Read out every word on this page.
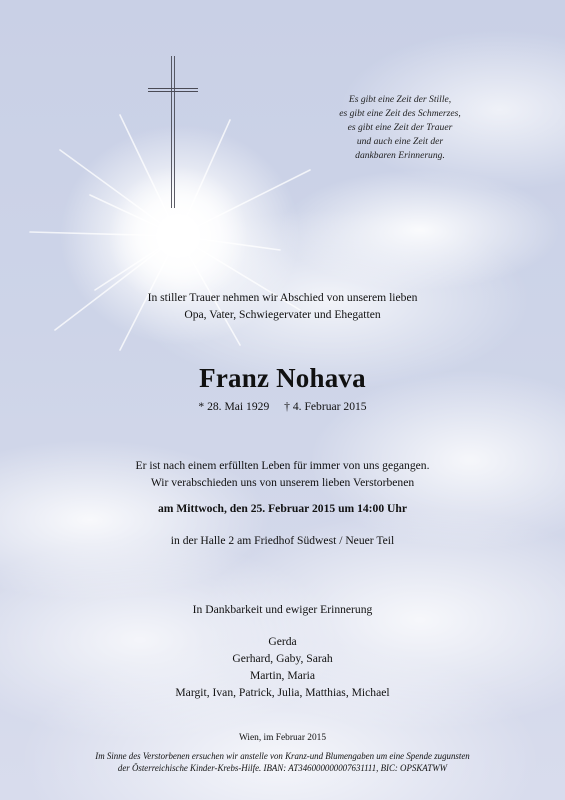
Es gibt eine Zeit der Stille,
es gibt eine Zeit des Schmerzes,
es gibt eine Zeit der Trauer
und auch eine Zeit der
dankbaren Erinnerung.
In stiller Trauer nehmen wir Abschied von unserem lieben
Opa, Vater, Schwiegervater und Ehegatten
Franz Nohava
* 28. Mai 1929 † 4. Februar 2015
Er ist nach einem erfüllten Leben für immer von uns gegangen.
Wir verabschieden uns von unserem lieben Verstorbenen
am Mittwoch, den 25. Februar 2015 um 14:00 Uhr
in der Halle 2 am Friedhof Südwest / Neuer Teil
In Dankbarkeit und ewiger Erinnerung
Gerda
Gerhard, Gaby, Sarah
Martin, Maria
Margit, Ivan, Patrick, Julia, Matthias, Michael
Wien, im Februar 2015
Im Sinne des Verstorbenen ersuchen wir anstelle von Kranz-und Blumengaben um eine Spende zugunsten
der Österreichische Kinder-Krebs-Hilfe. IBAN: AT346000000007631111, BIC: OPSKATWW
